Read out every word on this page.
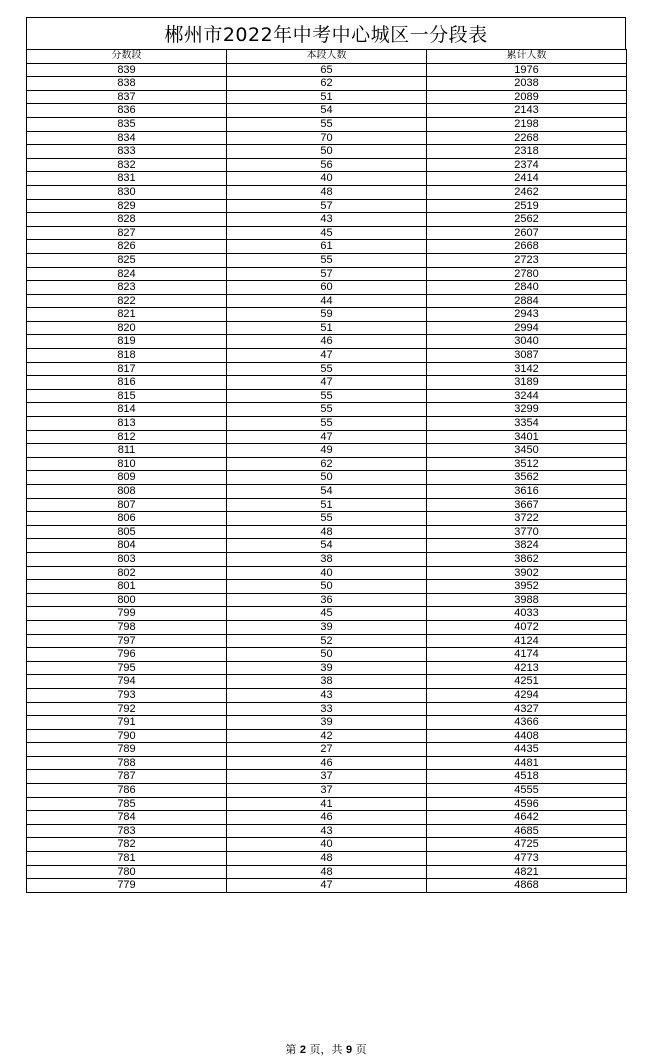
郴州市2022年中考中心城区一分段表
分数段	本段人数	累计人数
839	65	1976
838	62	2038
837	51	2089
836	54	2143
835	55	2198
834	70	2268
833	50	2318
832	56	2374
831	40	2414
830	48	2462
829	57	2519
828	43	2562
827	45	2607
826	61	2668
825	55	2723
824	57	2780
823	60	2840
822	44	2884
821	59	2943
820	51	2994
819	46	3040
818	47	3087
817	55	3142
816	47	3189
815	55	3244
814	55	3299
813	55	3354
812	47	3401
811	49	3450
810	62	3512
809	50	3562
808	54	3616
807	51	3667
806	55	3722
805	48	3770
804	54	3824
803	38	3862
802	40	3902
801	50	3952
800	36	3988
799	45	4033
798	39	4072
797	52	4124
796	50	4174
795	39	4213
794	38	4251
793	43	4294
792	33	4327
791	39	4366
790	42	4408
789	27	4435
788	46	4481
787	37	4518
786	37	4555
785	41	4596
784	46	4642
783	43	4685
782	40	4725
781	48	4773
780	48	4821
779	47	4868
第 2 页，共 9 页
